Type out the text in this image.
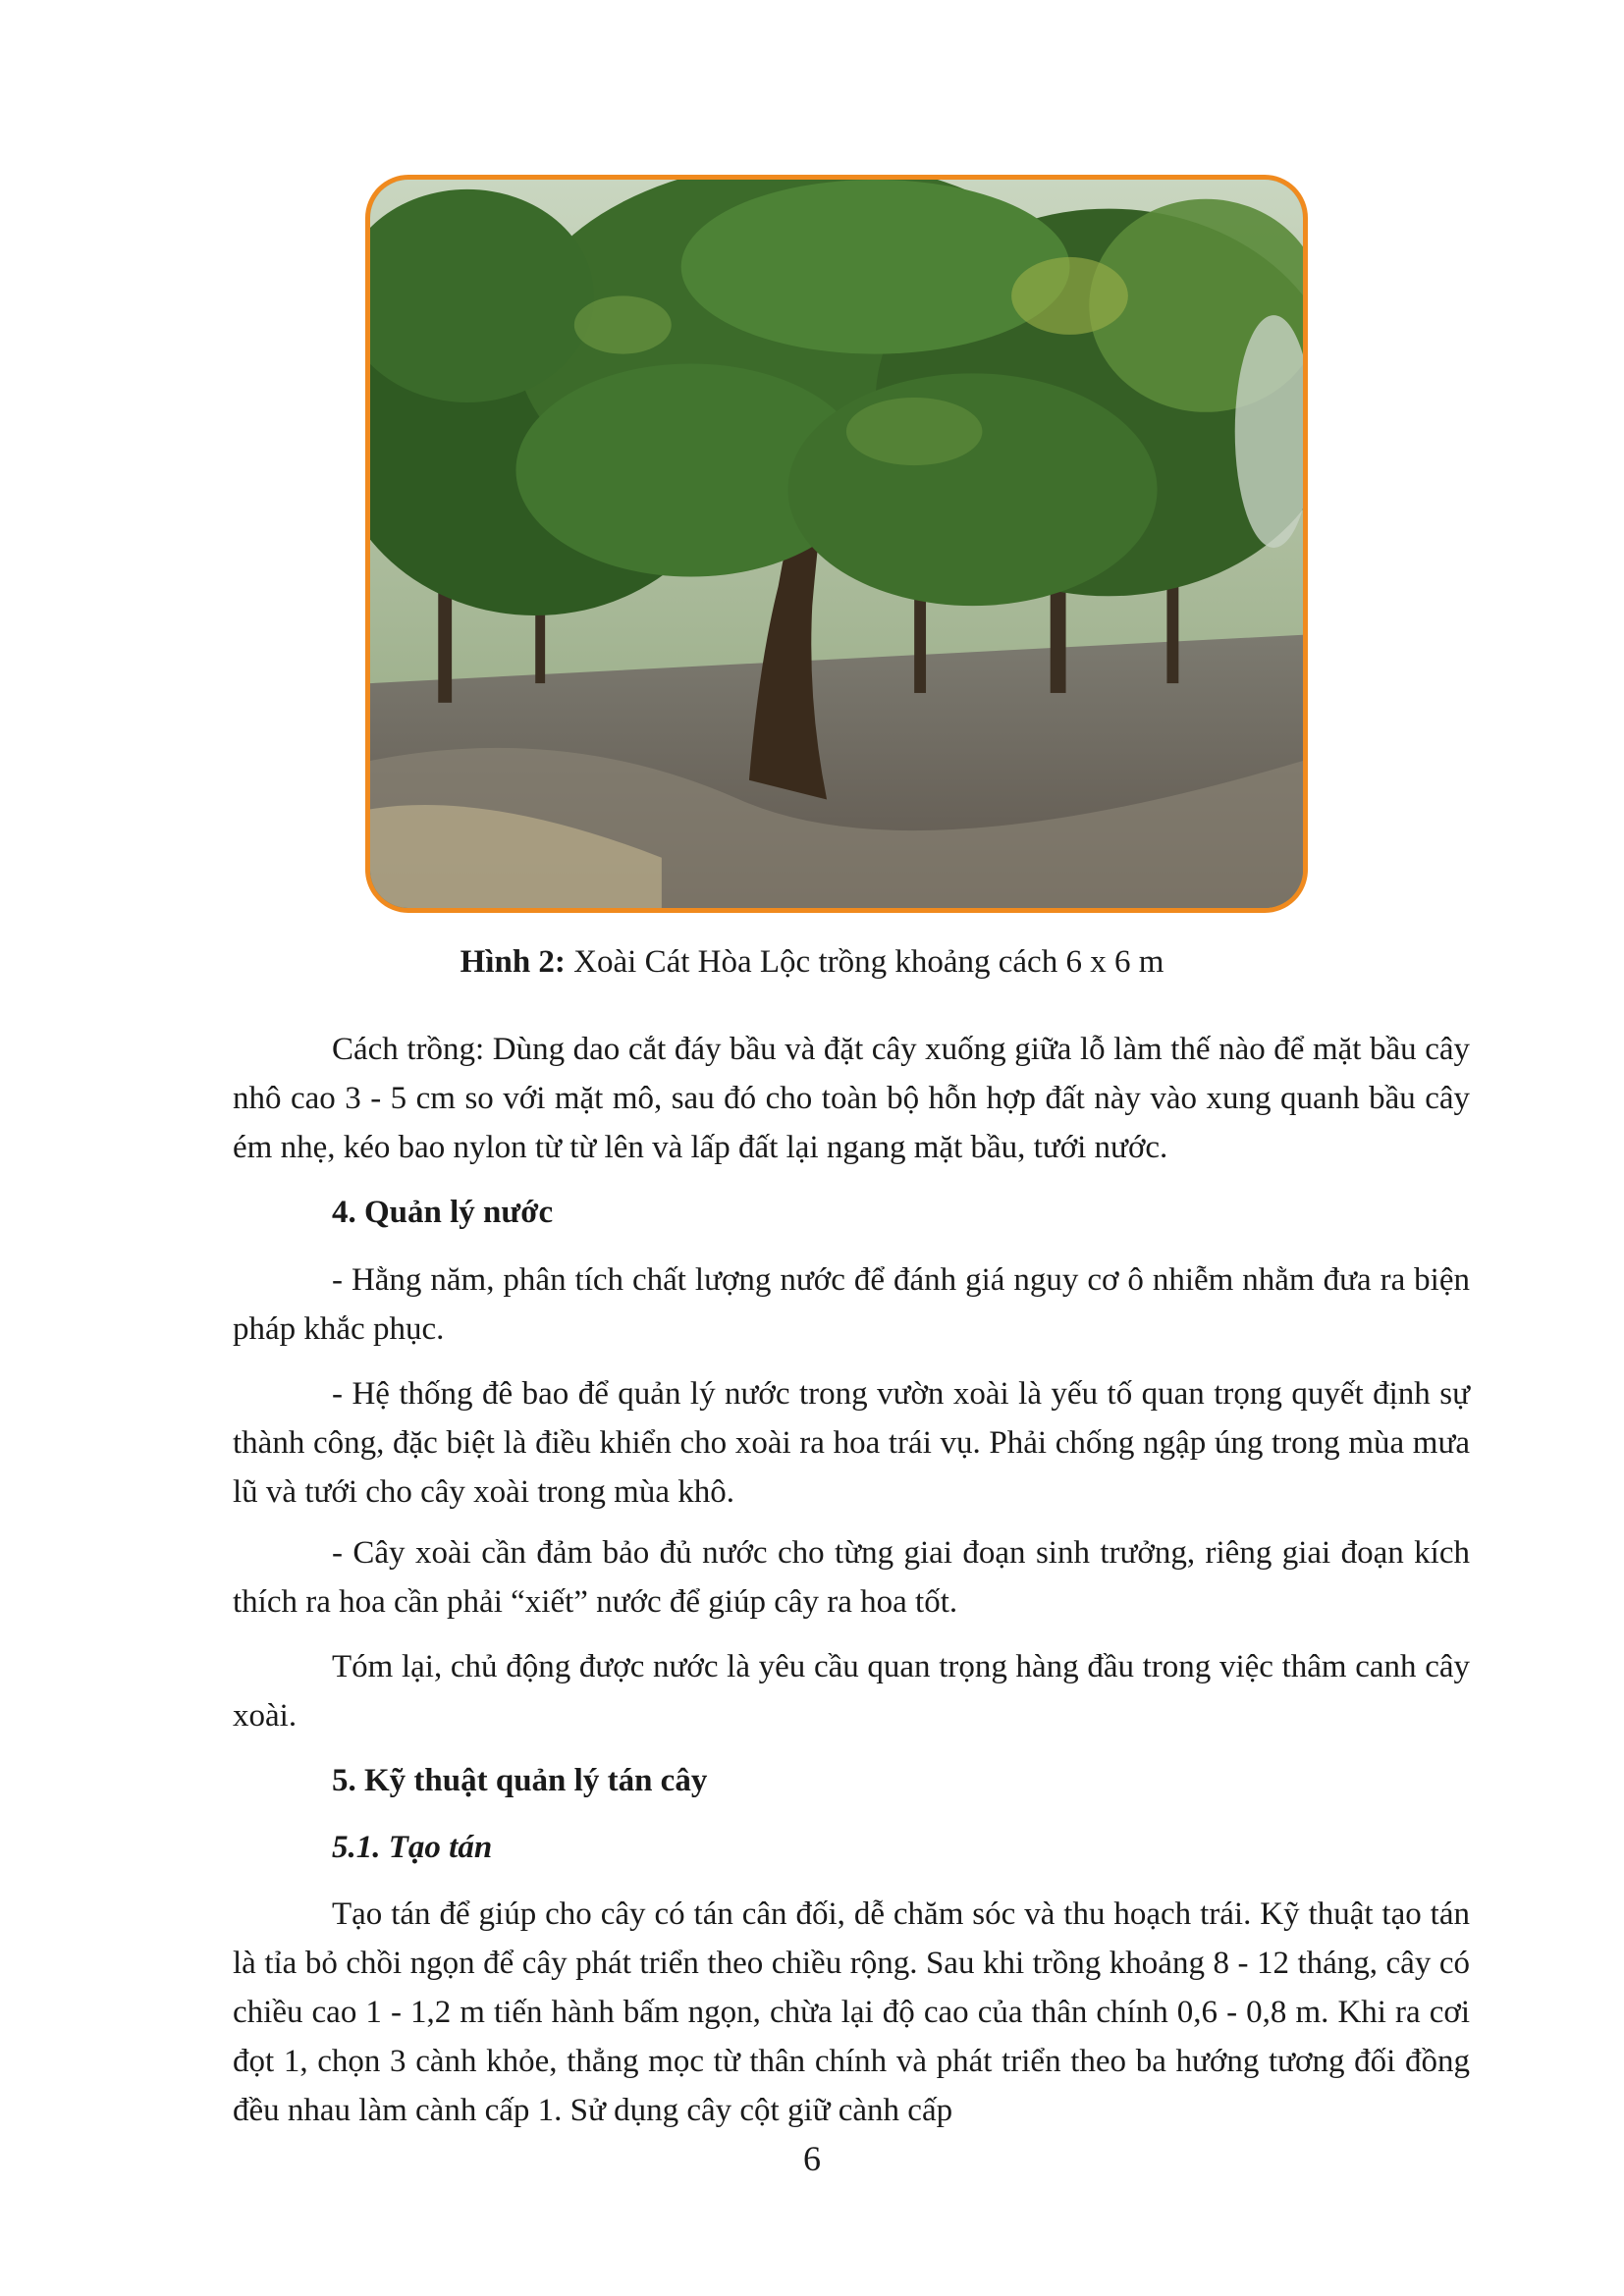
Hình 2: Xoài Cát Hòa Lộc trồng khoảng cách 6 x 6 m

Cách trồng: Dùng dao cắt đáy bầu và đặt cây xuống giữa lỗ làm thế nào để mặt bầu cây nhô cao 3 - 5 cm so với mặt mô, sau đó cho toàn bộ hỗn hợp đất này vào xung quanh bầu cây ém nhẹ, kéo bao nylon từ từ lên và lấp đất lại ngang mặt bầu, tưới nước.

4. Quản lý nước

- Hằng năm, phân tích chất lượng nước để đánh giá nguy cơ ô nhiễm nhằm đưa ra biện pháp khắc phục.

- Hệ thống đê bao để quản lý nước trong vườn xoài là yếu tố quan trọng quyết định sự thành công, đặc biệt là điều khiển cho xoài ra hoa trái vụ. Phải chống ngập úng trong mùa mưa lũ và tưới cho cây xoài trong mùa khô.

- Cây xoài cần đảm bảo đủ nước cho từng giai đoạn sinh trưởng, riêng giai đoạn kích thích ra hoa cần phải “xiết” nước để giúp cây ra hoa tốt.

Tóm lại, chủ động được nước là yêu cầu quan trọng hàng đầu trong việc thâm canh cây xoài.

5. Kỹ thuật quản lý tán cây

5.1. Tạo tán

Tạo tán để giúp cho cây có tán cân đối, dễ chăm sóc và thu hoạch trái. Kỹ thuật tạo tán là tỉa bỏ chồi ngọn để cây phát triển theo chiều rộng. Sau khi trồng khoảng 8 - 12 tháng, cây có chiều cao 1 - 1,2 m tiến hành bấm ngọn, chừa lại độ cao của thân chính 0,6 - 0,8 m. Khi ra cơi đọt 1, chọn 3 cành khỏe, thẳng mọc từ thân chính và phát triển theo ba hướng tương đối đồng đều nhau làm cành cấp 1. Sử dụng cây cột giữ cành cấp

6
